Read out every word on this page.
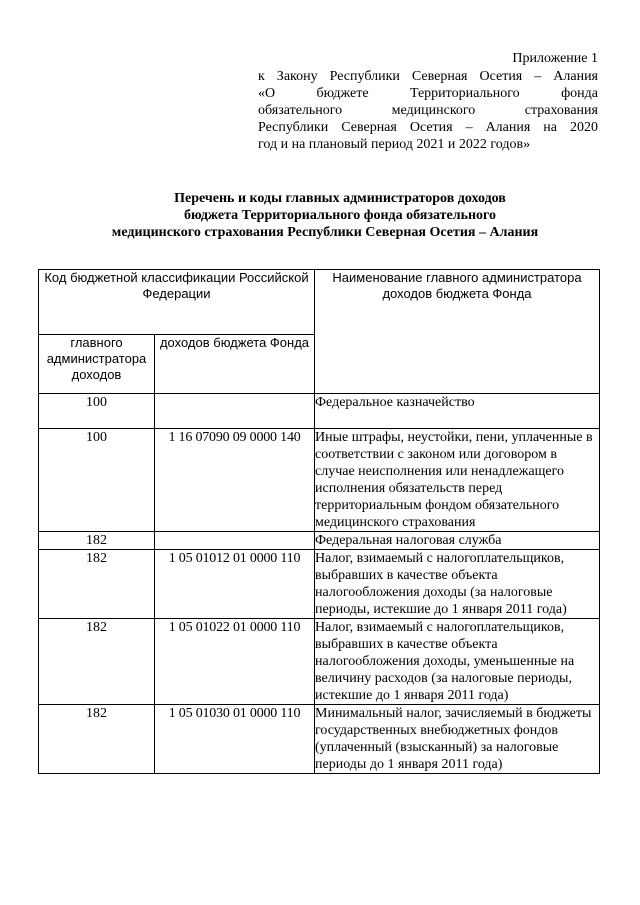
Приложение 1
к Закону Республики Северная Осетия – Алания
«О бюджете Территориального фонда
обязательного медицинского страхования
Республики Северная Осетия – Алания на 2020
год и на плановый период 2021 и 2022 годов»
Перечень и коды главных администраторов доходов
бюджета Территориального фонда обязательного
медицинского страхования Республики Северная Осетия – Алания
Код бюджетной классификации Российской Федерации		Наименование главного администратора доходов бюджета Фонда
главного администратора доходов	доходов бюджета Фонда	
100		Федеральное казначейство
100	1 16 07090 09 0000 140	Иные штрафы, неустойки, пени, уплаченные в соответствии с законом или договором в случае неисполнения или ненадлежащего исполнения обязательств перед территориальным фондом обязательного медицинского страхования
182		Федеральная налоговая служба
182	1 05 01012 01 0000 110	Налог, взимаемый с налогоплательщиков, выбравших в качестве объекта налогообложения доходы (за налоговые периоды, истекшие до 1 января 2011 года)
182	1 05 01022 01 0000 110	Налог, взимаемый с налогоплательщиков, выбравших в качестве объекта налогообложения доходы, уменьшенные на величину расходов (за налоговые периоды, истекшие до 1 января 2011 года)
182	1 05 01030 01 0000 110	Минимальный налог, зачисляемый в бюджеты государственных внебюджетных фондов (уплаченный (взысканный) за налоговые периоды до 1 января 2011 года)
